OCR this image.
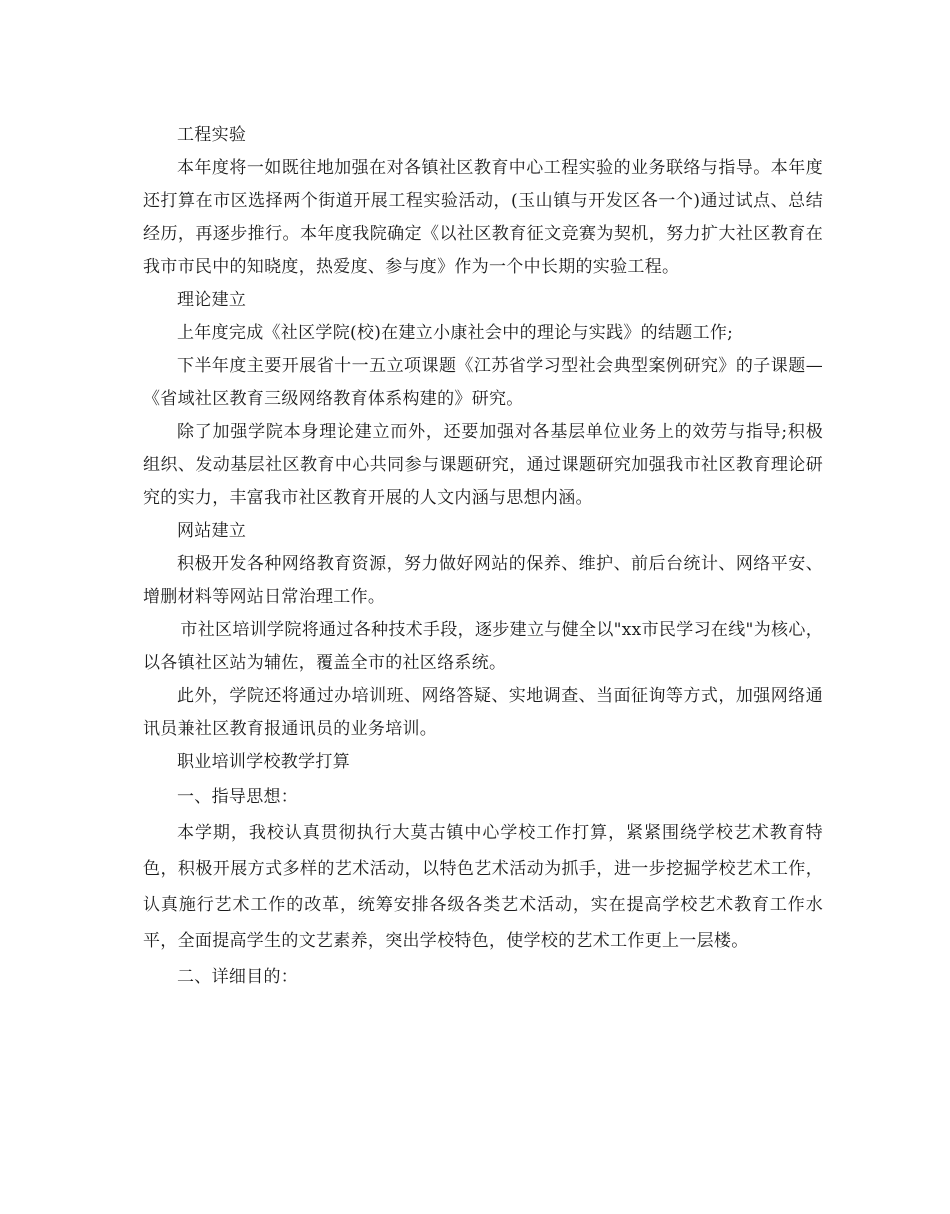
工程实验

本年度将一如既往地加强在对各镇社区教育中心工程实验的业务联络与指导。本年度还打算在市区选择两个街道开展工程实验活动，(玉山镇与开发区各一个)通过试点、总结经历，再逐步推行。本年度我院确定《以社区教育征文竞赛为契机，努力扩大社区教育在我市市民中的知晓度，热爱度、参与度》作为一个中长期的实验工程。

理论建立

上年度完成《社区学院(校)在建立小康社会中的理论与实践》的结题工作;

下半年度主要开展省十一五立项课题《江苏省学习型社会典型案例研究》的子课题—《省域社区教育三级网络教育体系构建的》研究。

除了加强学院本身理论建立而外，还要加强对各基层单位业务上的效劳与指导;积极组织、发动基层社区教育中心共同参与课题研究，通过课题研究加强我市社区教育理论研究的实力，丰富我市社区教育开展的人文内涵与思想内涵。

网站建立

积极开发各种网络教育资源，努力做好网站的保养、维护、前后台统计、网络平安、增删材料等网站日常治理工作。

市社区培训学院将通过各种技术手段，逐步建立与健全以"xx市民学习在线"为核心，以各镇社区站为辅佐，覆盖全市的社区络系统。

此外，学院还将通过办培训班、网络答疑、实地调查、当面征询等方式，加强网络通讯员兼社区教育报通讯员的业务培训。

职业培训学校教学打算

一、指导思想：

本学期，我校认真贯彻执行大莫古镇中心学校工作打算，紧紧围绕学校艺术教育特色，积极开展方式多样的艺术活动，以特色艺术活动为抓手，进一步挖掘学校艺术工作，认真施行艺术工作的改革，统筹安排各级各类艺术活动，实在提高学校艺术教育工作水平，全面提高学生的文艺素养，突出学校特色，使学校的艺术工作更上一层楼。

二、详细目的：
